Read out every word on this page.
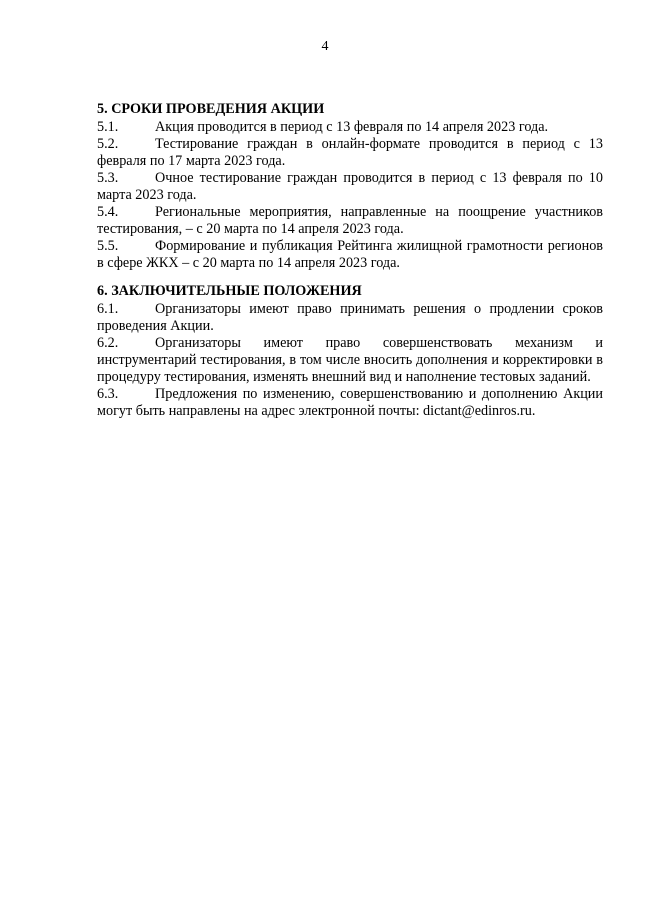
4
5. СРОКИ ПРОВЕДЕНИЯ АКЦИИ
5.1.	Акция проводится в период с 13 февраля по 14 апреля 2023 года.
5.2.	Тестирование граждан в онлайн-формате проводится в период с 13 февраля по 17 марта 2023 года.
5.3.	Очное тестирование граждан проводится в период с 13 февраля по 10 марта 2023 года.
5.4.	Региональные мероприятия, направленные на поощрение участников тестирования, – с 20 марта по 14 апреля 2023 года.
5.5.	Формирование и публикация Рейтинга жилищной грамотности регионов в сфере ЖКХ – с 20 марта по 14 апреля 2023 года.
6. ЗАКЛЮЧИТЕЛЬНЫЕ ПОЛОЖЕНИЯ
6.1.	Организаторы имеют право принимать решения о продлении сроков проведения Акции.
6.2.	Организаторы имеют право совершенствовать механизм и инструментарий тестирования, в том числе вносить дополнения и корректировки в процедуру тестирования, изменять внешний вид и наполнение тестовых заданий.
6.3.	Предложения по изменению, совершенствованию и дополнению Акции могут быть направлены на адрес электронной почты: dictant@edinros.ru.
